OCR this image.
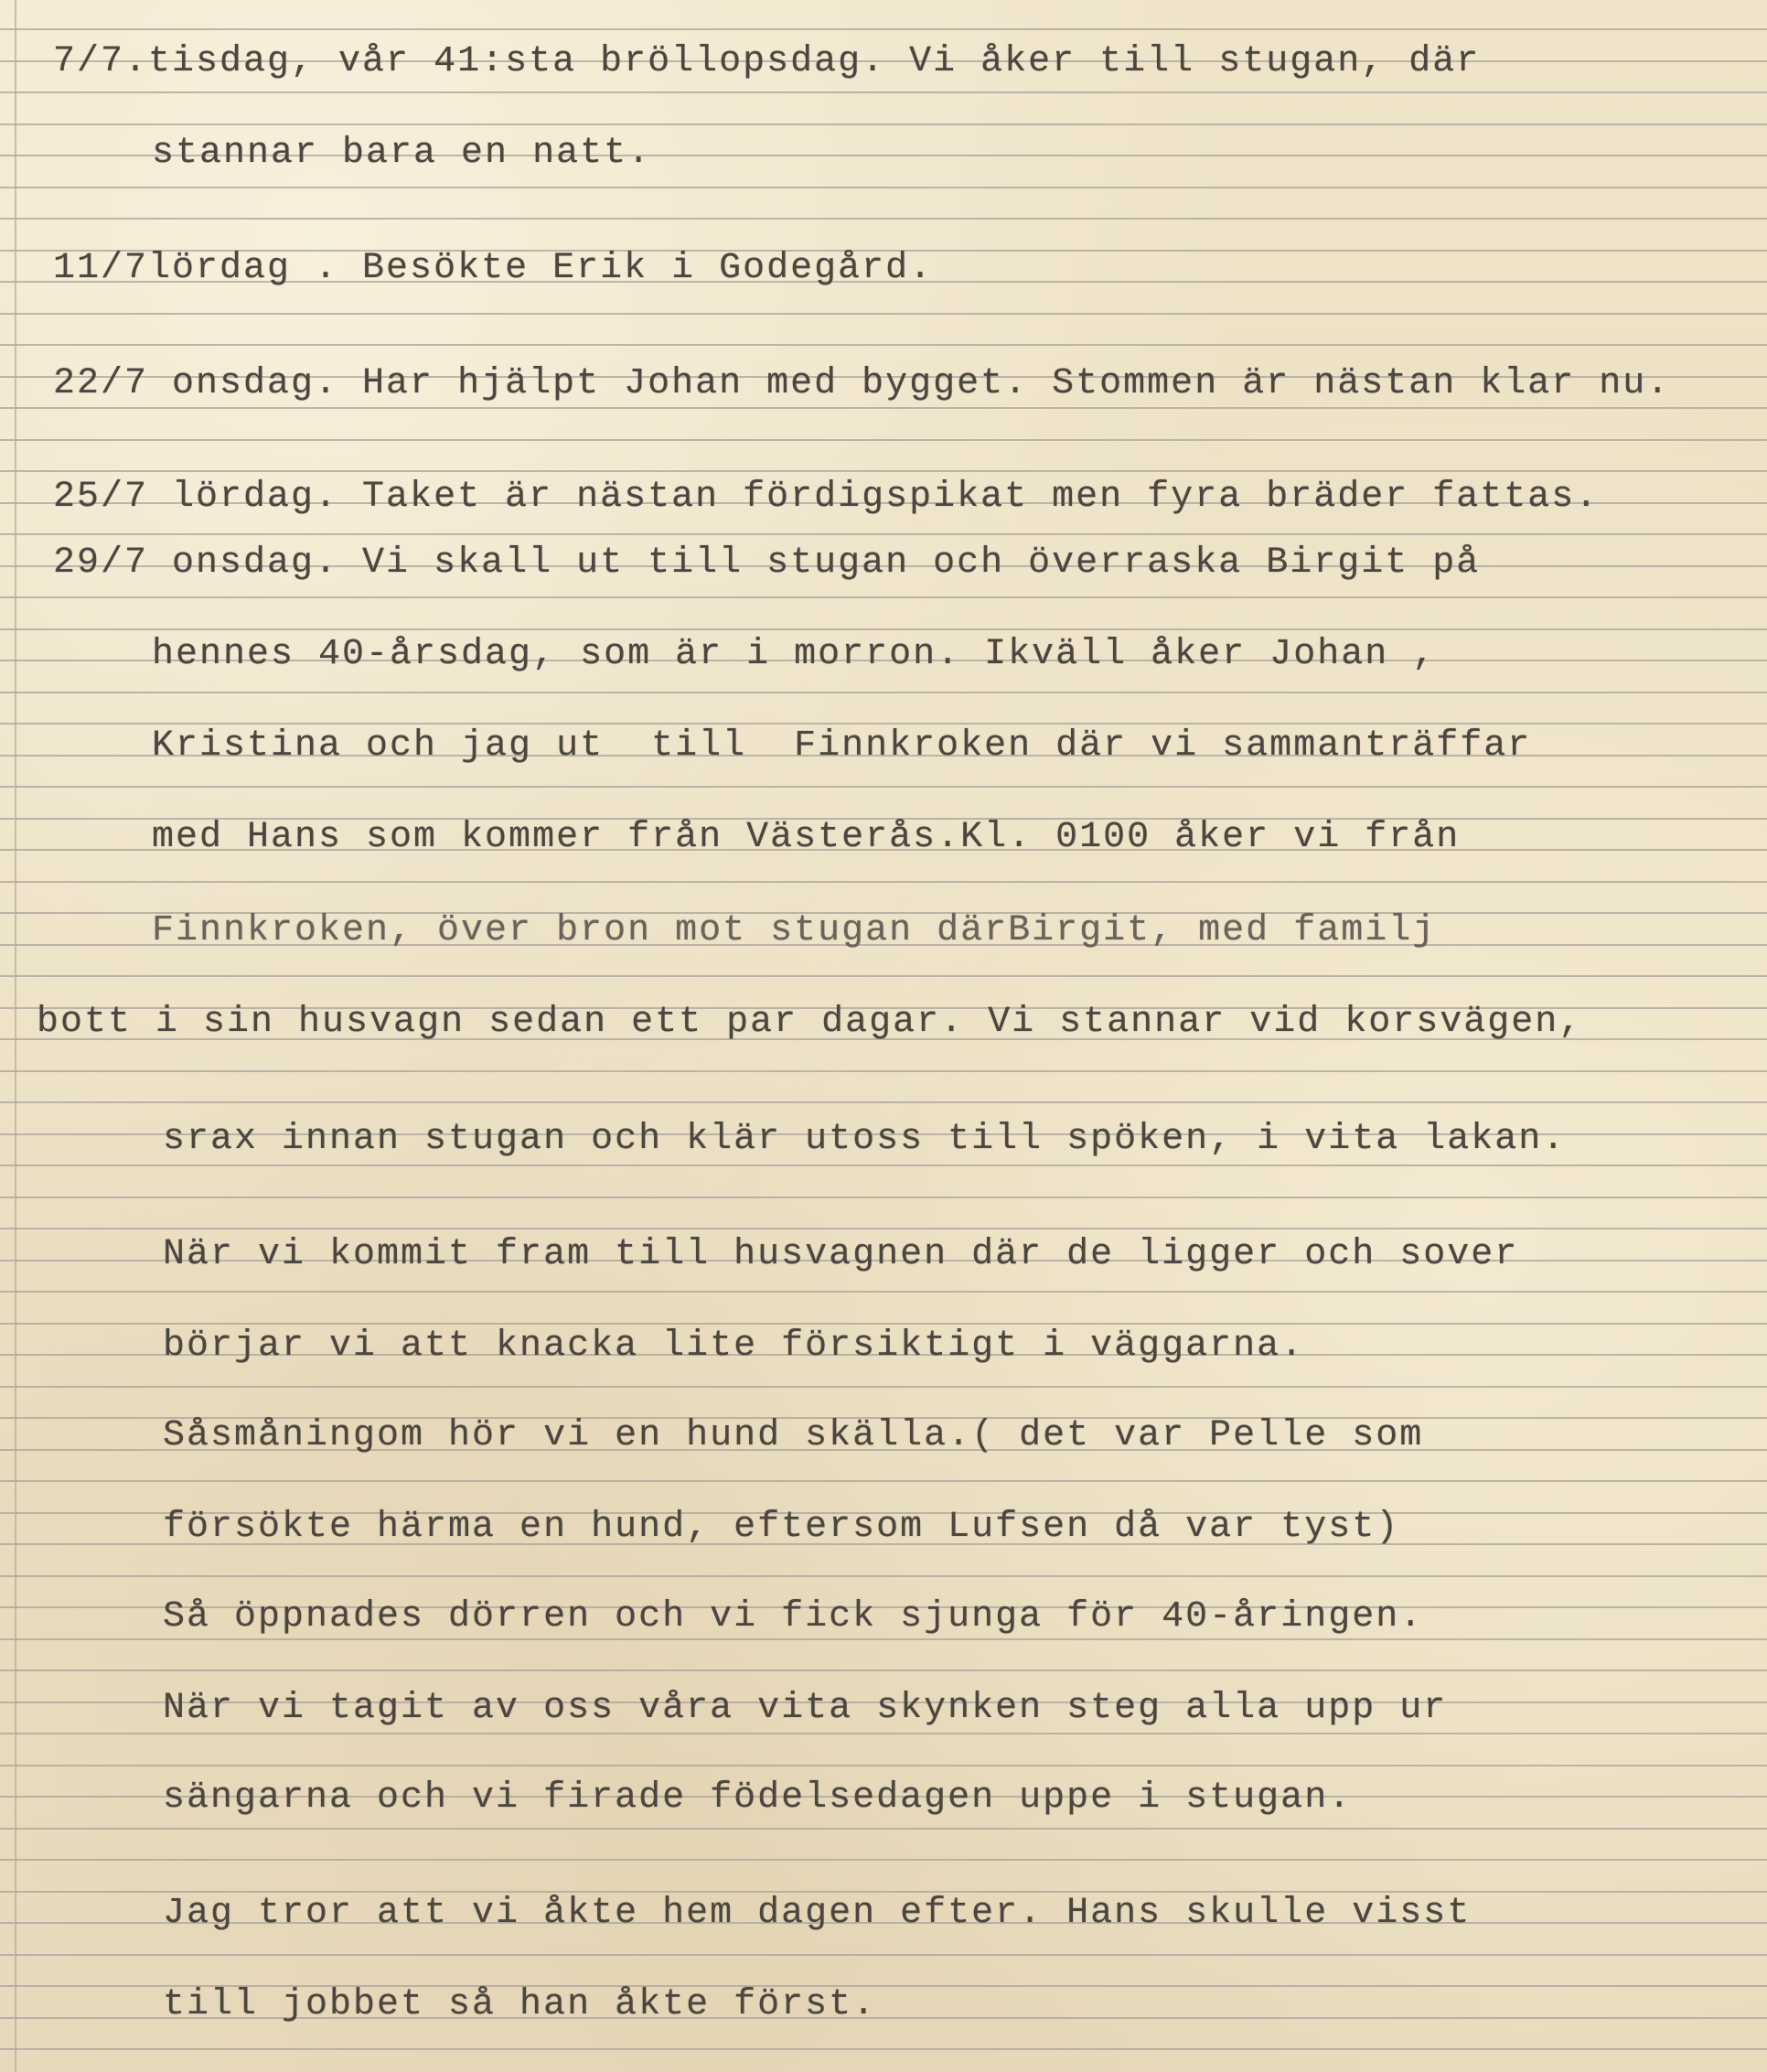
7/7.tisdag, vår 41:sta bröllopsdag. Vi åker till stugan, där

stannar bara en natt.

11/7lördag . Besökte Erik i Godegård.

22/7 onsdag. Har hjälpt Johan med bygget. Stommen är nästan klar nu.

25/7 lördag. Taket är nästan fördigspikat men fyra bräder fattas.

29/7 onsdag. Vi skall ut till stugan och överraska Birgit på

hennes 40-årsdag, som är i morron. Ikväll åker Johan ,

Kristina och jag ut  till  Finnkroken där vi sammanträffar

med Hans som kommer från Västerås.Kl. 0100 åker vi från

Finnkroken, över bron mot stugan därBirgit, med familj

bott i sin husvagn sedan ett par dagar. Vi stannar vid korsvägen,

srax innan stugan och klär utoss till spöken, i vita lakan.

När vi kommit fram till husvagnen där de ligger och sover

börjar vi att knacka lite försiktigt i väggarna.

Såsmåningom hör vi en hund skälla.( det var Pelle som

försökte härma en hund, eftersom Lufsen då var tyst)

Så öppnades dörren och vi fick sjunga för 40-åringen.

När vi tagit av oss våra vita skynken steg alla upp ur

sängarna och vi firade födelsedagen uppe i stugan.

Jag tror att vi åkte hem dagen efter. Hans skulle visst

till jobbet så han åkte först.
